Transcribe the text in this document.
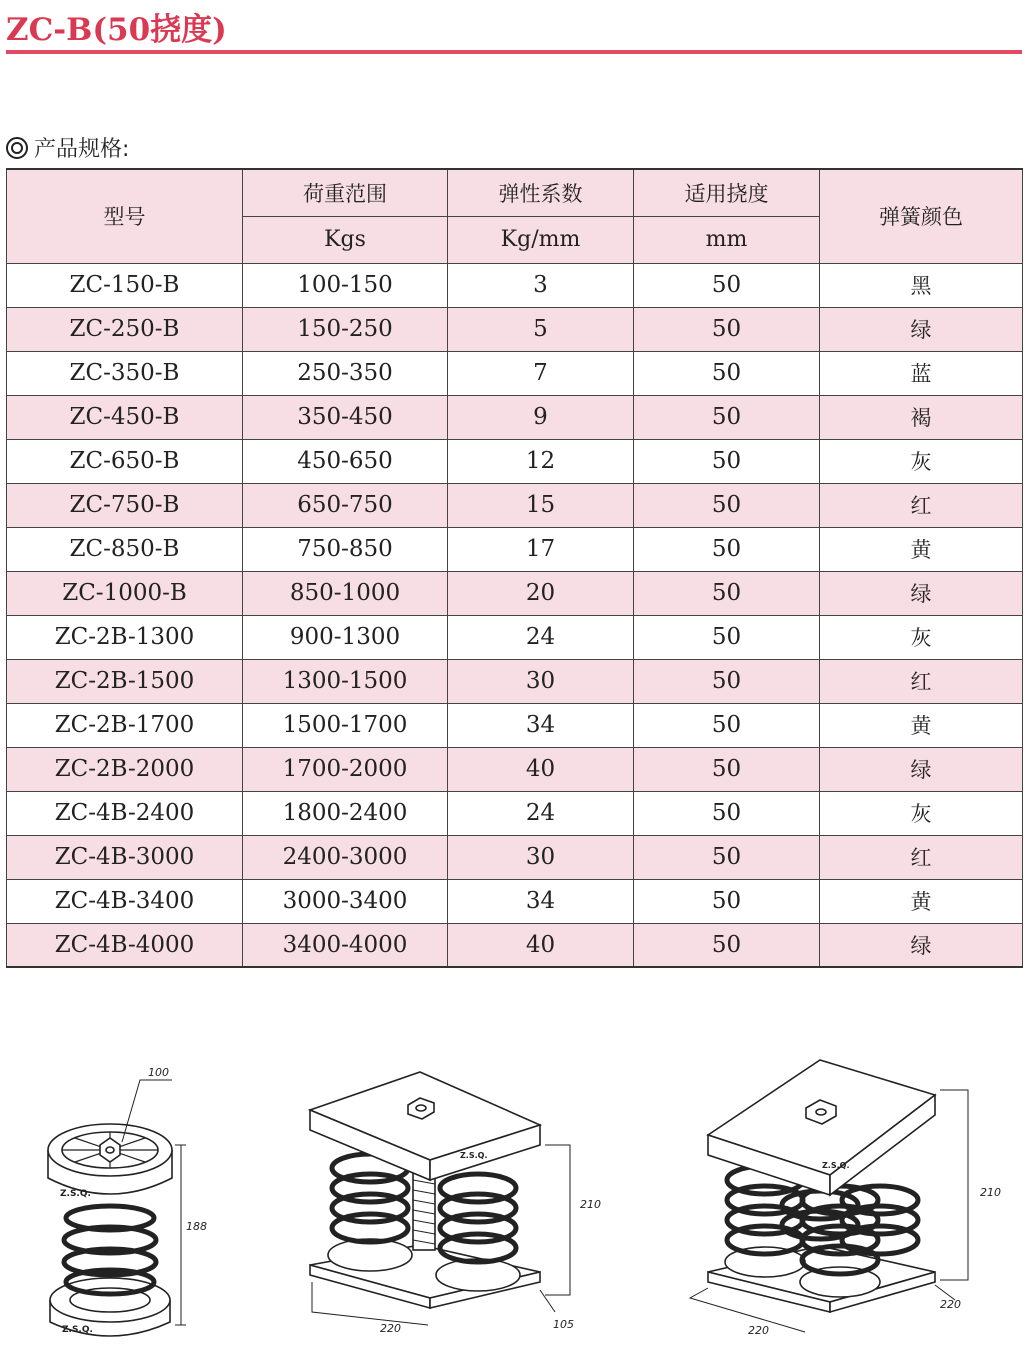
ZC-B(50挠度)
产品规格:
型号	荷重范围	弹性系数	适用挠度	弹簧颜色
	Kgs	Kg/mm	mm	
ZC-150-B	100-150	3	50	黑
ZC-250-B	150-250	5	50	绿
ZC-350-B	250-350	7	50	蓝
ZC-450-B	350-450	9	50	褐
ZC-650-B	450-650	12	50	灰
ZC-750-B	650-750	15	50	红
ZC-850-B	750-850	17	50	黄
ZC-1000-B	850-1000	20	50	绿
ZC-2B-1300	900-1300	24	50	灰
ZC-2B-1500	1300-1500	30	50	红
ZC-2B-1700	1500-1700	34	50	黄
ZC-2B-2000	1700-2000	40	50	绿
ZC-4B-2400	1800-2400	24	50	灰
ZC-4B-3000	2400-3000	30	50	红
ZC-4B-3400	3000-3400	34	50	黄
ZC-4B-4000	3400-4000	40	50	绿
100
188
Z.S.Q.
Z.S.Q.
210
220	105
Z.S.Q.
210
220
220
Z.S.Q.
